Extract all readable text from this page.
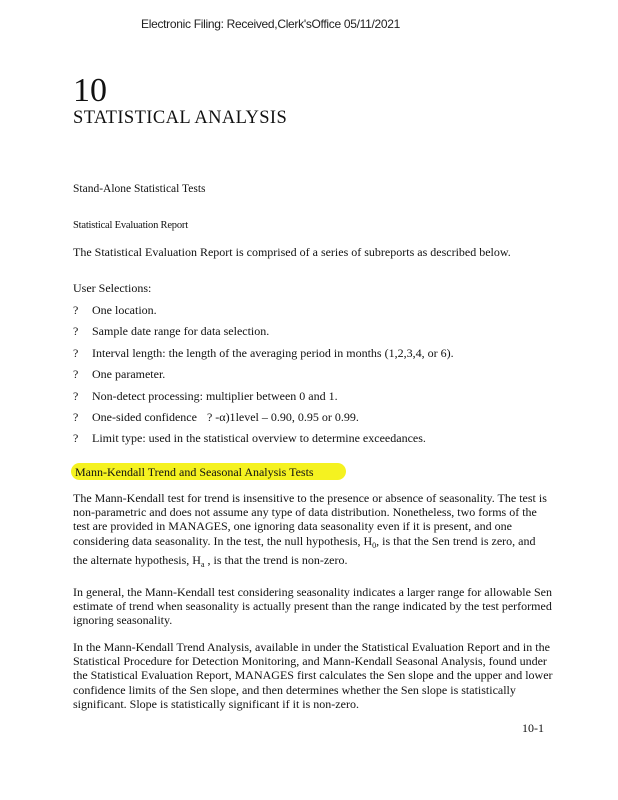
Electronic Filing: Received,Clerk'sOffice 05/11/2021
10
STATISTICAL ANALYSIS
Stand-Alone Statistical Tests
Statistical Evaluation Report
The Statistical Evaluation Report is comprised of a series of subreports as described below.
User Selections:
?	One location.
?	Sample date range for data selection.
?	Interval length: the length of the averaging period in months (1,2,3,4, or 6).
?	One parameter.
?	Non-detect processing: multiplier between 0 and 1.
?	One-sided confidence ? -α)1 level – 0.90, 0.95 or 0.99.
?	Limit type: used in the statistical overview to determine exceedances.
Mann-Kendall Trend and Seasonal Analysis Tests
The Mann-Kendall test for trend is insensitive to the presence or absence of seasonality. The test is non-parametric and does not assume any type of data distribution. Nonetheless, two forms of the test are provided in MANAGES, one ignoring data seasonality even if it is present, and one considering data seasonality. In the test, the null hypothesis, $H_0$, is that the Sen trend is zero, and the alternate hypothesis, $H_a$ , is that the trend is non-zero.
In general, the Mann-Kendall test considering seasonality indicates a larger range for allowable Sen estimate of trend when seasonality is actually present than the range indicated by the test performed ignoring seasonality.
In the Mann-Kendall Trend Analysis, available in under the Statistical Evaluation Report and in the Statistical Procedure for Detection Monitoring, and Mann-Kendall Seasonal Analysis, found under the Statistical Evaluation Report, MANAGES first calculates the Sen slope and the upper and lower confidence limits of the Sen slope, and then determines whether the Sen slope is statistically significant. Slope is statistically significant if it is non-zero.
10-1
